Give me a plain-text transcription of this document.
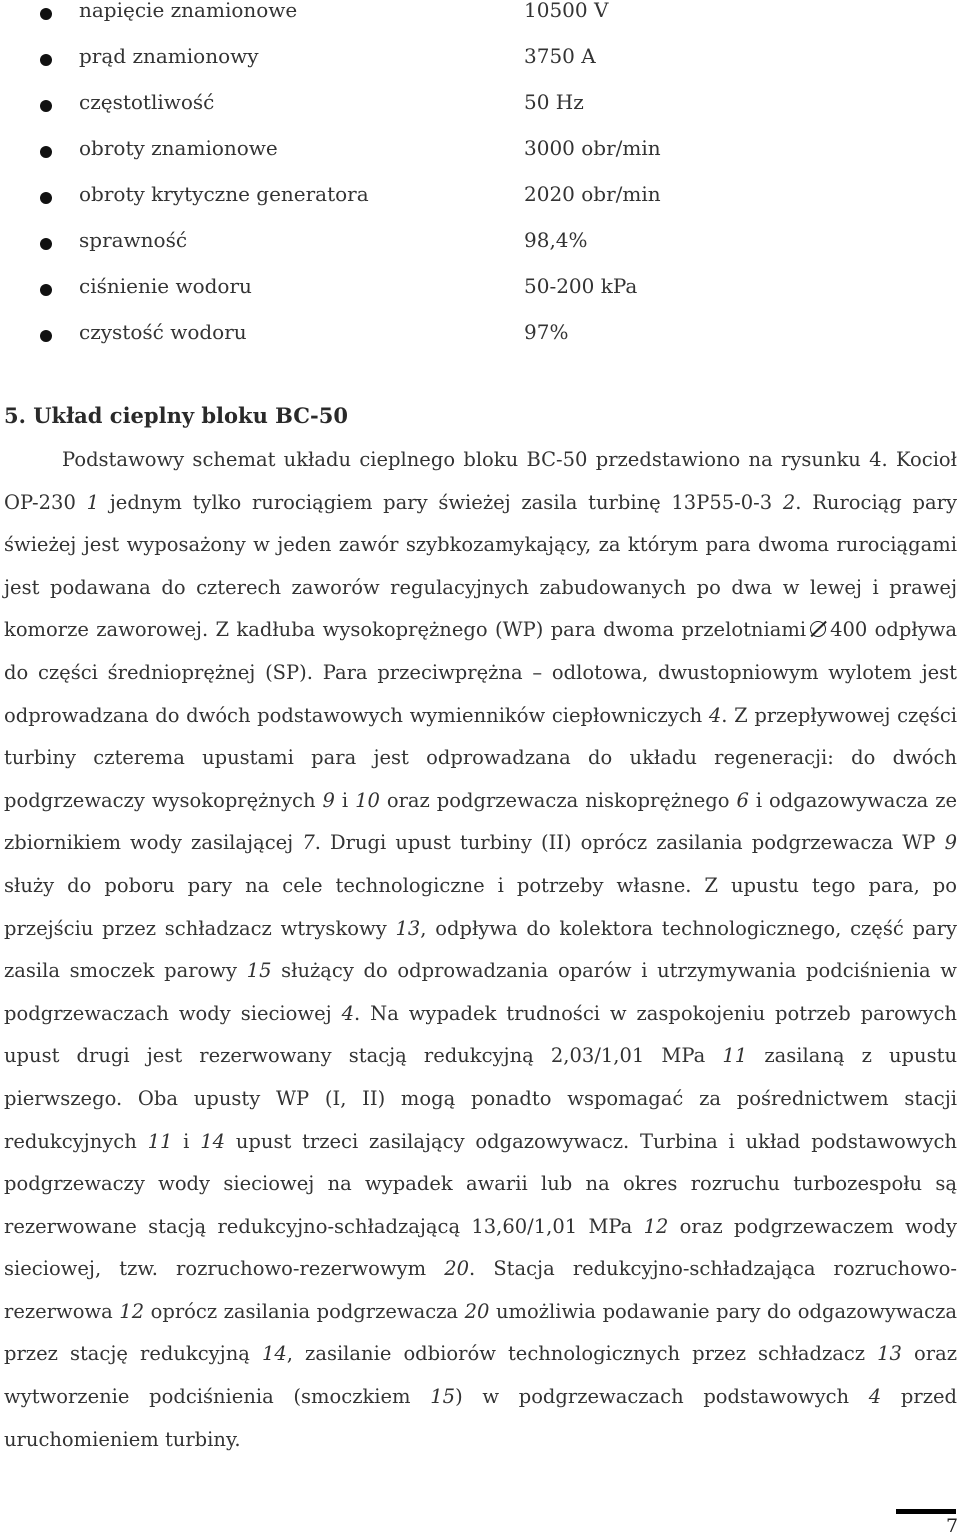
napięcie znamionowe	10500 V
prąd znamionowy	3750 A
częstotliwość	50 Hz
obroty znamionowe	3000 obr/min
obroty krytyczne generatora	2020 obr/min
sprawność	98,4%
ciśnienie wodoru	50-200 kPa
czystość wodoru	97%
5. Układ cieplny bloku BC-50

Podstawowy schemat układu cieplnego bloku BC-50 przedstawiono na rysunku 4. Kocioł OP-230 1 jednym tylko rurociągiem pary świeżej zasila turbinę 13P55-0-3 2. Rurociąg pary świeżej jest wyposażony w jeden zawór szybkozamykający, za którym para dwoma rurociągami jest podawana do czterech zaworów regulacyjnych zabudowanych po dwa w lewej i prawej komorze zaworowej. Z kadłuba wysokoprężnego (WP) para dwoma przelotniami 400 odpływa do części średnioprężnej (SP). Para przeciwprężna – odlotowa, dwustopniowym wylotem jest odprowadzana do dwóch podstawowych wymienników ciepłowniczych 4. Z przepływowej części turbiny czterema upustami para jest odprowadzana do układu regeneracji: do dwóch podgrzewaczy wysokoprężnych 9 i 10 oraz podgrzewacza niskoprężnego 6 i odgazowywacza ze zbiornikiem wody zasilającej 7. Drugi upust turbiny (II) oprócz zasilania podgrzewacza WP 9 służy do poboru pary na cele technologiczne i potrzeby własne. Z upustu tego para, po przejściu przez schładzacz wtryskowy 13, odpływa do kolektora technologicznego, część pary zasila smoczek parowy 15 służący do odprowadzania oparów i utrzymywania podciśnienia w podgrzewaczach wody sieciowej 4. Na wypadek trudności w zaspokojeniu potrzeb parowych upust drugi jest rezerwowany stacją redukcyjną 2,03/1,01 MPa 11 zasilaną z upustu pierwszego. Oba upusty WP (I, II) mogą ponadto wspomagać za pośrednictwem stacji redukcyjnych 11 i 14 upust trzeci zasilający odgazowywacz. Turbina i układ podstawowych podgrzewaczy wody sieciowej na wypadek awarii lub na okres rozruchu turbozespołu są rezerwowane stacją redukcyjno-schładzającą 13,60/1,01 MPa 12 oraz podgrzewaczem wody sieciowej, tzw. rozruchowo-rezerwowym 20. Stacja redukcyjno-schładzająca rozruchowo-rezerwowa 12 oprócz zasilania podgrzewacza 20 umożliwia podawanie pary do odgazowywacza przez stację redukcyjną 14, zasilanie odbiorów technologicznych przez schładzacz 13 oraz wytworzenie podciśnienia (smoczkiem 15) w podgrzewaczach podstawowych 4 przed uruchomieniem turbiny.

7
